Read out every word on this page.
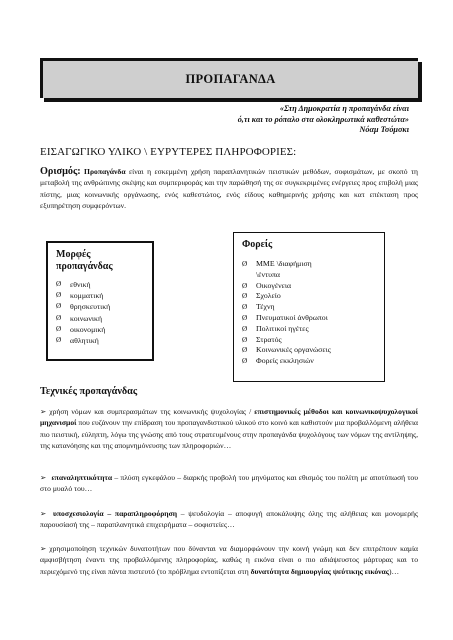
ΠΡΟΠΑΓΑΝΔΑ
«Στη Δημοκρατία η προπαγάνδα είναι
ό,τι και το ρόπαλο στα ολοκληρωτικά καθεστώτα»
Νόαμ Τσόμσκι
ΕΙΣΑΓΩΓΙΚΟ ΥΛΙΚΟ \ ΕΥΡΥΤΕΡΕΣ ΠΛΗΡΟΦΟΡΙΕΣ:
Ορισμός: Προπαγάνδα είναι η εσκεμμένη χρήση παραπλανητικών πειστικών μεθόδων, σοφισμάτων, με σκοπό τη μεταβολή της ανθρώπινης σκέψης και συμπεριφοράς και την παρώθησή της σε συγκεκριμένες ενέργειες προς επιβολή μιας πίστης, μιας κοινωνικής οργάνωσης, ενός καθεστώτος, ενός είδους καθημερινής χρήσης και κατ επέκταση προς εξυπηρέτηση συμφερόντων.
Μορφές
προπαγάνδας
Ø εθνική
Ø κομματική
Ø θρησκευτική
Ø κοινωνική
Ø οικονομική
Ø αθλητική
Φορείς
Ø ΜΜΕ \διαφήμιση
\έντυπα
Ø Οικογένεια
Ø Σχολείο
Ø Τέχνη
Ø Πνευματικοί άνθρωποι
Ø Πολιτικοί ηγέτες
Ø Στρατός
Ø Κοινωνικές οργανώσεις
Ø Φορείς εκκλησιών
Τεχνικές προπαγάνδας

➢ χρήση νόμων και συμπερασμάτων της κοινωνικής ψυχολογίας / επιστημονικές μέθοδοι και κοινωνικοψυχολογικοί μηχανισμοί που ευζάνουν την επίδραση του προπαγανδιστικού υλικού στο κοινό και καθιστούν μια προβαλλόμενη αλήθεια πιο πειστική, εύληπτη, λόγω της γνώσης από τους στρατευμένους στην προπαγάνδα ψυχολόγους των νόμων της αντίληψης, της κατανόησης και της απομνημόνευσης των πληροφοριών…

➢ επαναληπτικότητα – πλύση εγκεφάλου – διαρκής προβολή του μηνύματος και εθισμός του πολίτη με αποτύπωσή του στο μυαλό του…

➢ υποσχεσιολογία – παραπληροφόρηση – ψευδολογία – αποφυγή αποκάλυψης όλης της αλήθειας και μονομερής παρουσίασή της – παραπλανητικά επιχειρήματα – σοφιστείες…

➢ χρησιμοποίηση τεχνικών δυνατοτήτων που δύνανται να διαμορφώνουν την κοινή γνώμη και δεν επιτρέπουν καμία αμφισβήτηση έναντι της προβαλλόμενης πληροφορίας, καθώς η εικόνα είναι ο πιο αδιάψευστος μάρτυρας και το περιεχόμενό της είναι πάντα πιστευτό (το πρόβλημα εντοπίζεται στη δυνατότητα δημιουργίας ψεύτικης εικόνας)…
